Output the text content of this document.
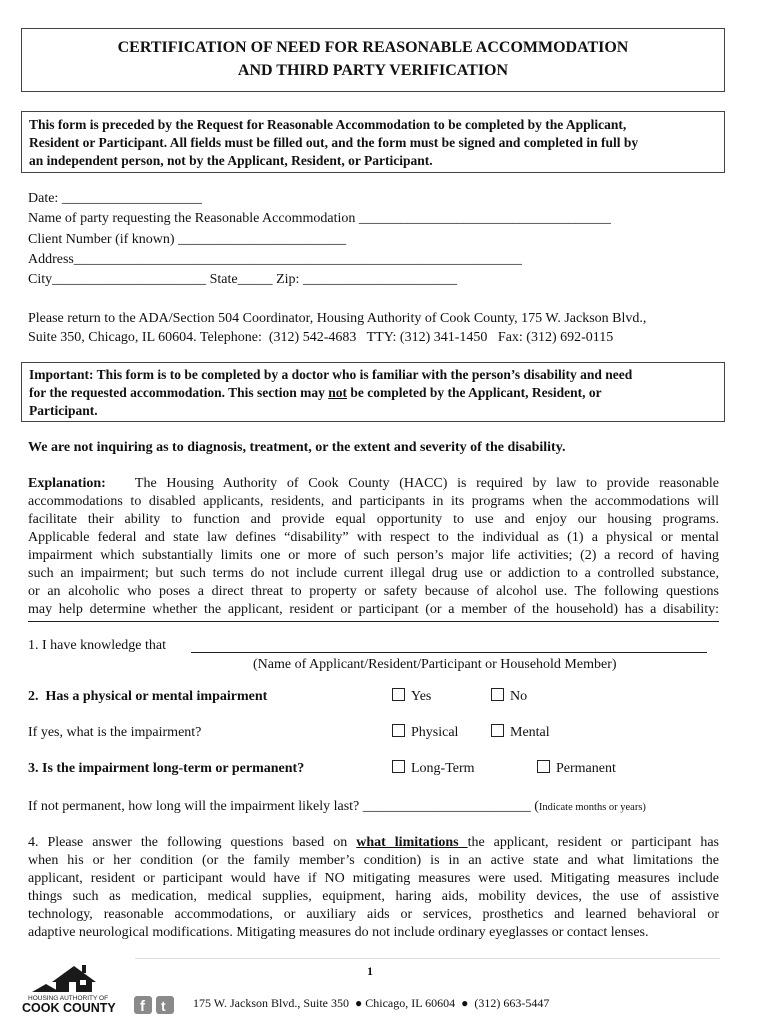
CERTIFICATION OF NEED FOR REASONABLE ACCOMMODATION
AND THIRD PARTY VERIFICATION
This form is preceded by the Request for Reasonable Accommodation to be completed by the Applicant,
Resident or Participant. All fields must be filled out, and the form must be signed and completed in full by
an independent person, not by the Applicant, Resident, or Participant.
Date: ____________________
Name of party requesting the Reasonable Accommodation ____________________________________
Client Number (if known) ________________________
Address________________________________________________________________
City______________________ State_____ Zip: ______________________
Please return to the ADA/Section 504 Coordinator, Housing Authority of Cook County, 175 W. Jackson Blvd.,
Suite 350, Chicago, IL 60604. Telephone:  (312) 542-4683   TTY: (312) 341-1450   Fax: (312) 692-0115
Important: This form is to be completed by a doctor who is familiar with the person’s disability and need
for the requested accommodation. This section may not be completed by the Applicant, Resident, or
Participant.
We are not inquiring as to diagnosis, treatment, or the extent and severity of the disability.
Explanation: The Housing Authority of Cook County (HACC) is required by law to provide reasonable
accommodations to disabled applicants, residents, and participants in its programs when the accommodations will
facilitate their ability to function and provide equal opportunity to use and enjoy our housing programs.
Applicable federal and state law defines “disability” with respect to the individual as (1) a physical or mental
impairment which substantially limits one or more of such person’s major life activities; (2) a record of having
such an impairment; but such terms do not include current illegal drug use or addiction to a controlled substance,
or an alcoholic who poses a direct threat to property or safety because of alcohol use. The following questions
may help determine whether the applicant, resident or participant (or a member of the household) has a disability:
1. I have knowledge that
(Name of Applicant/Resident/Participant or Household Member)
2.  Has a physical or mental impairment	Yes	No
If yes, what is the impairment?	Physical	Mental
3. Is the impairment long-term or permanent?	Long-Term	Permanent
If not permanent, how long will the impairment likely last? ________________________ (Indicate months or years)
4. Please answer the following questions based on what limitations the applicant, resident or participant has
when his or her condition (or the family member’s condition) is in an active state and what limitations the
applicant, resident or participant would have if NO mitigating measures were used. Mitigating measures include
things such as medication, medical supplies, equipment, haring aids, mobility devices, the use of assistive
technology, reasonable accommodations, or auxiliary aids or services, prosthetics and learned behavioral or
adaptive neurological modifications. Mitigating measures do not include ordinary eyeglasses or contact lenses.
1
HOUSING AUTHORITY OF
COOK COUNTY f t 175 W. Jackson Blvd., Suite 350  ● Chicago, IL 60604  ●  (312) 663-5447
